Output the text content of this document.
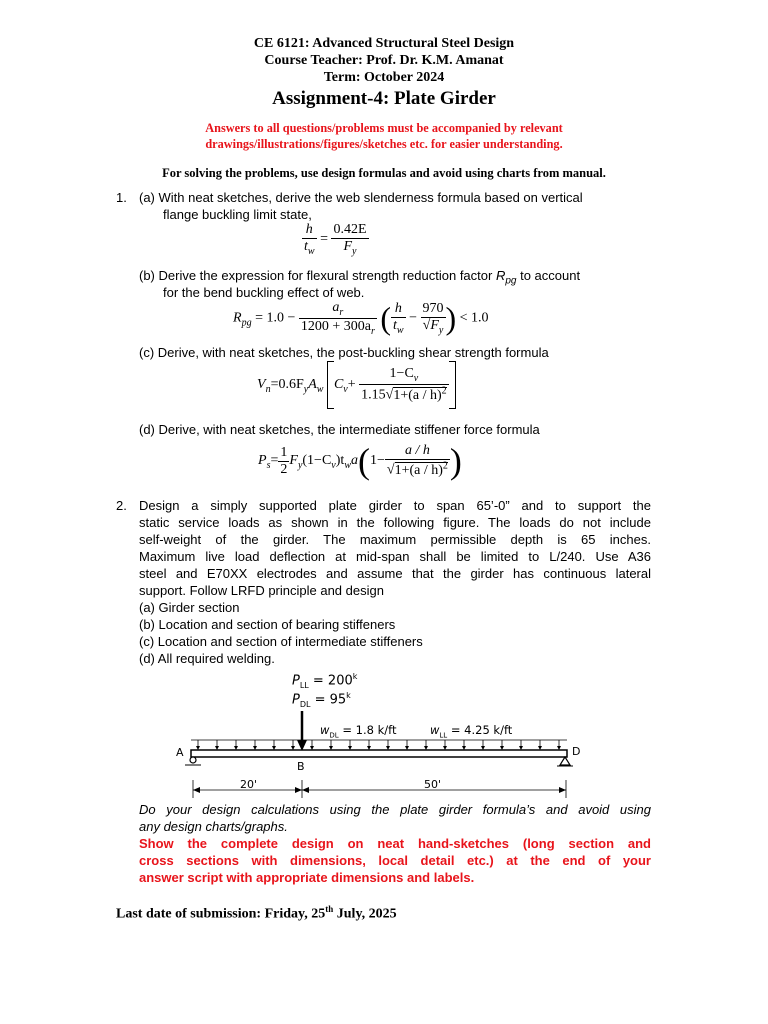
CE 6121: Advanced Structural Steel Design
Course Teacher: Prof. Dr. K.M. Amanat
Term: October 2024
Assignment-4: Plate Girder
Answers to all questions/problems must be accompanied by relevant
drawings/illustrations/figures/sketches etc. for easier understanding.
For solving the problems, use design formulas and avoid using charts from manual.
1. (a) With neat sketches, derive the web slenderness formula based on vertical
flange buckling limit state,
$\frac{h}{t_w} = \frac{0.42E}{F_y}$
(b) Derive the expression for flexural strength reduction factor $R_{pg}$ to account
for the bend buckling effect of web.
$R_{pg} = 1.0 - \frac{a_r}{1200 + 300a_r}$ ( $\frac{h}{t_w} - \frac{970}{√F_y}$ ) < 1.0
(c) Derive, with neat sketches, the post-buckling shear strength formula
$V_n=0.6F_yA_w$ $C_v+ \frac{1-C_v}{1.15√1+(a / h)^2}$
(d) Derive, with neat sketches, the intermediate stiffener force formula
$P_s= \frac{1}{2} F_y(1-C_v)t_wa(1- \frac{a / h}{√1+(a / h)^2}$ )
2. Design a simply supported plate girder to span 65’-0” and to support the
static service loads as shown in the following figure. The loads do not include
self-weight of the girder. The maximum permissible depth is 65 inches.
Maximum live load deflection at mid-span shall be limited to L/240. Use A36
steel and E70XX electrodes and assume that the girder has continuous lateral
support. Follow LRFD principle and design
(a) Girder section
(b) Location and section of bearing stiffeners
(c) Location and section of intermediate stiffeners
(d) All required welding.
$P_{LL} = 200^k$
$P_{DL} = 95^k$
$w_{DL} = 1.8$ k/ft	$w_{LL} = 4.25$ k/ft
A
B
D
20'	50'
Do your design calculations using the plate girder formula’s and avoid using
any design charts/graphs.
Show the complete design on neat hand-sketches (long section and
cross sections with dimensions, local detail etc.) at the end of your
answer script with appropriate dimensions and labels.
Last date of submission: Friday, 25th July, 2025
